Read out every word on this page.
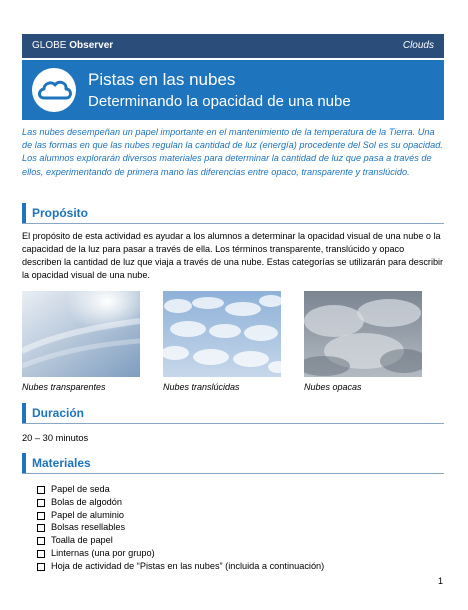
GLOBE Observer	Clouds
Pistas en las nubes
Determinando la opacidad de una nube
Las nubes desempeñan un papel importante en el mantenimiento de la temperatura de la Tierra. Una de las formas en que las nubes regulan la cantidad de luz (energía) procedente del Sol es su opacidad. Los alumnos explorarán diversos materiales para determinar la cantidad de luz que pasa a través de ellos, experimentando de primera mano las diferencias entre opaco, transparente y translúcido.
Propósito
El propósito de esta actividad es ayudar a los alumnos a determinar la opacidad visual de una nube o la capacidad de la luz para pasar a través de ella. Los términos transparente, translúcido y opaco describen la cantidad de luz que viaja a través de una nube. Estas categorías se utilizarán para describir la opacidad visual de una nube.
Nubes transparentes	Nubes translúcidas	Nubes opacas
Duración
20 – 30 minutos
Materiales
Papel de seda
Bolas de algodón
Papel de aluminio
Bolsas resellables
Toalla de papel
Linternas (una por grupo)
Hoja de actividad de “Pistas en las nubes” (incluida a continuación)
1
